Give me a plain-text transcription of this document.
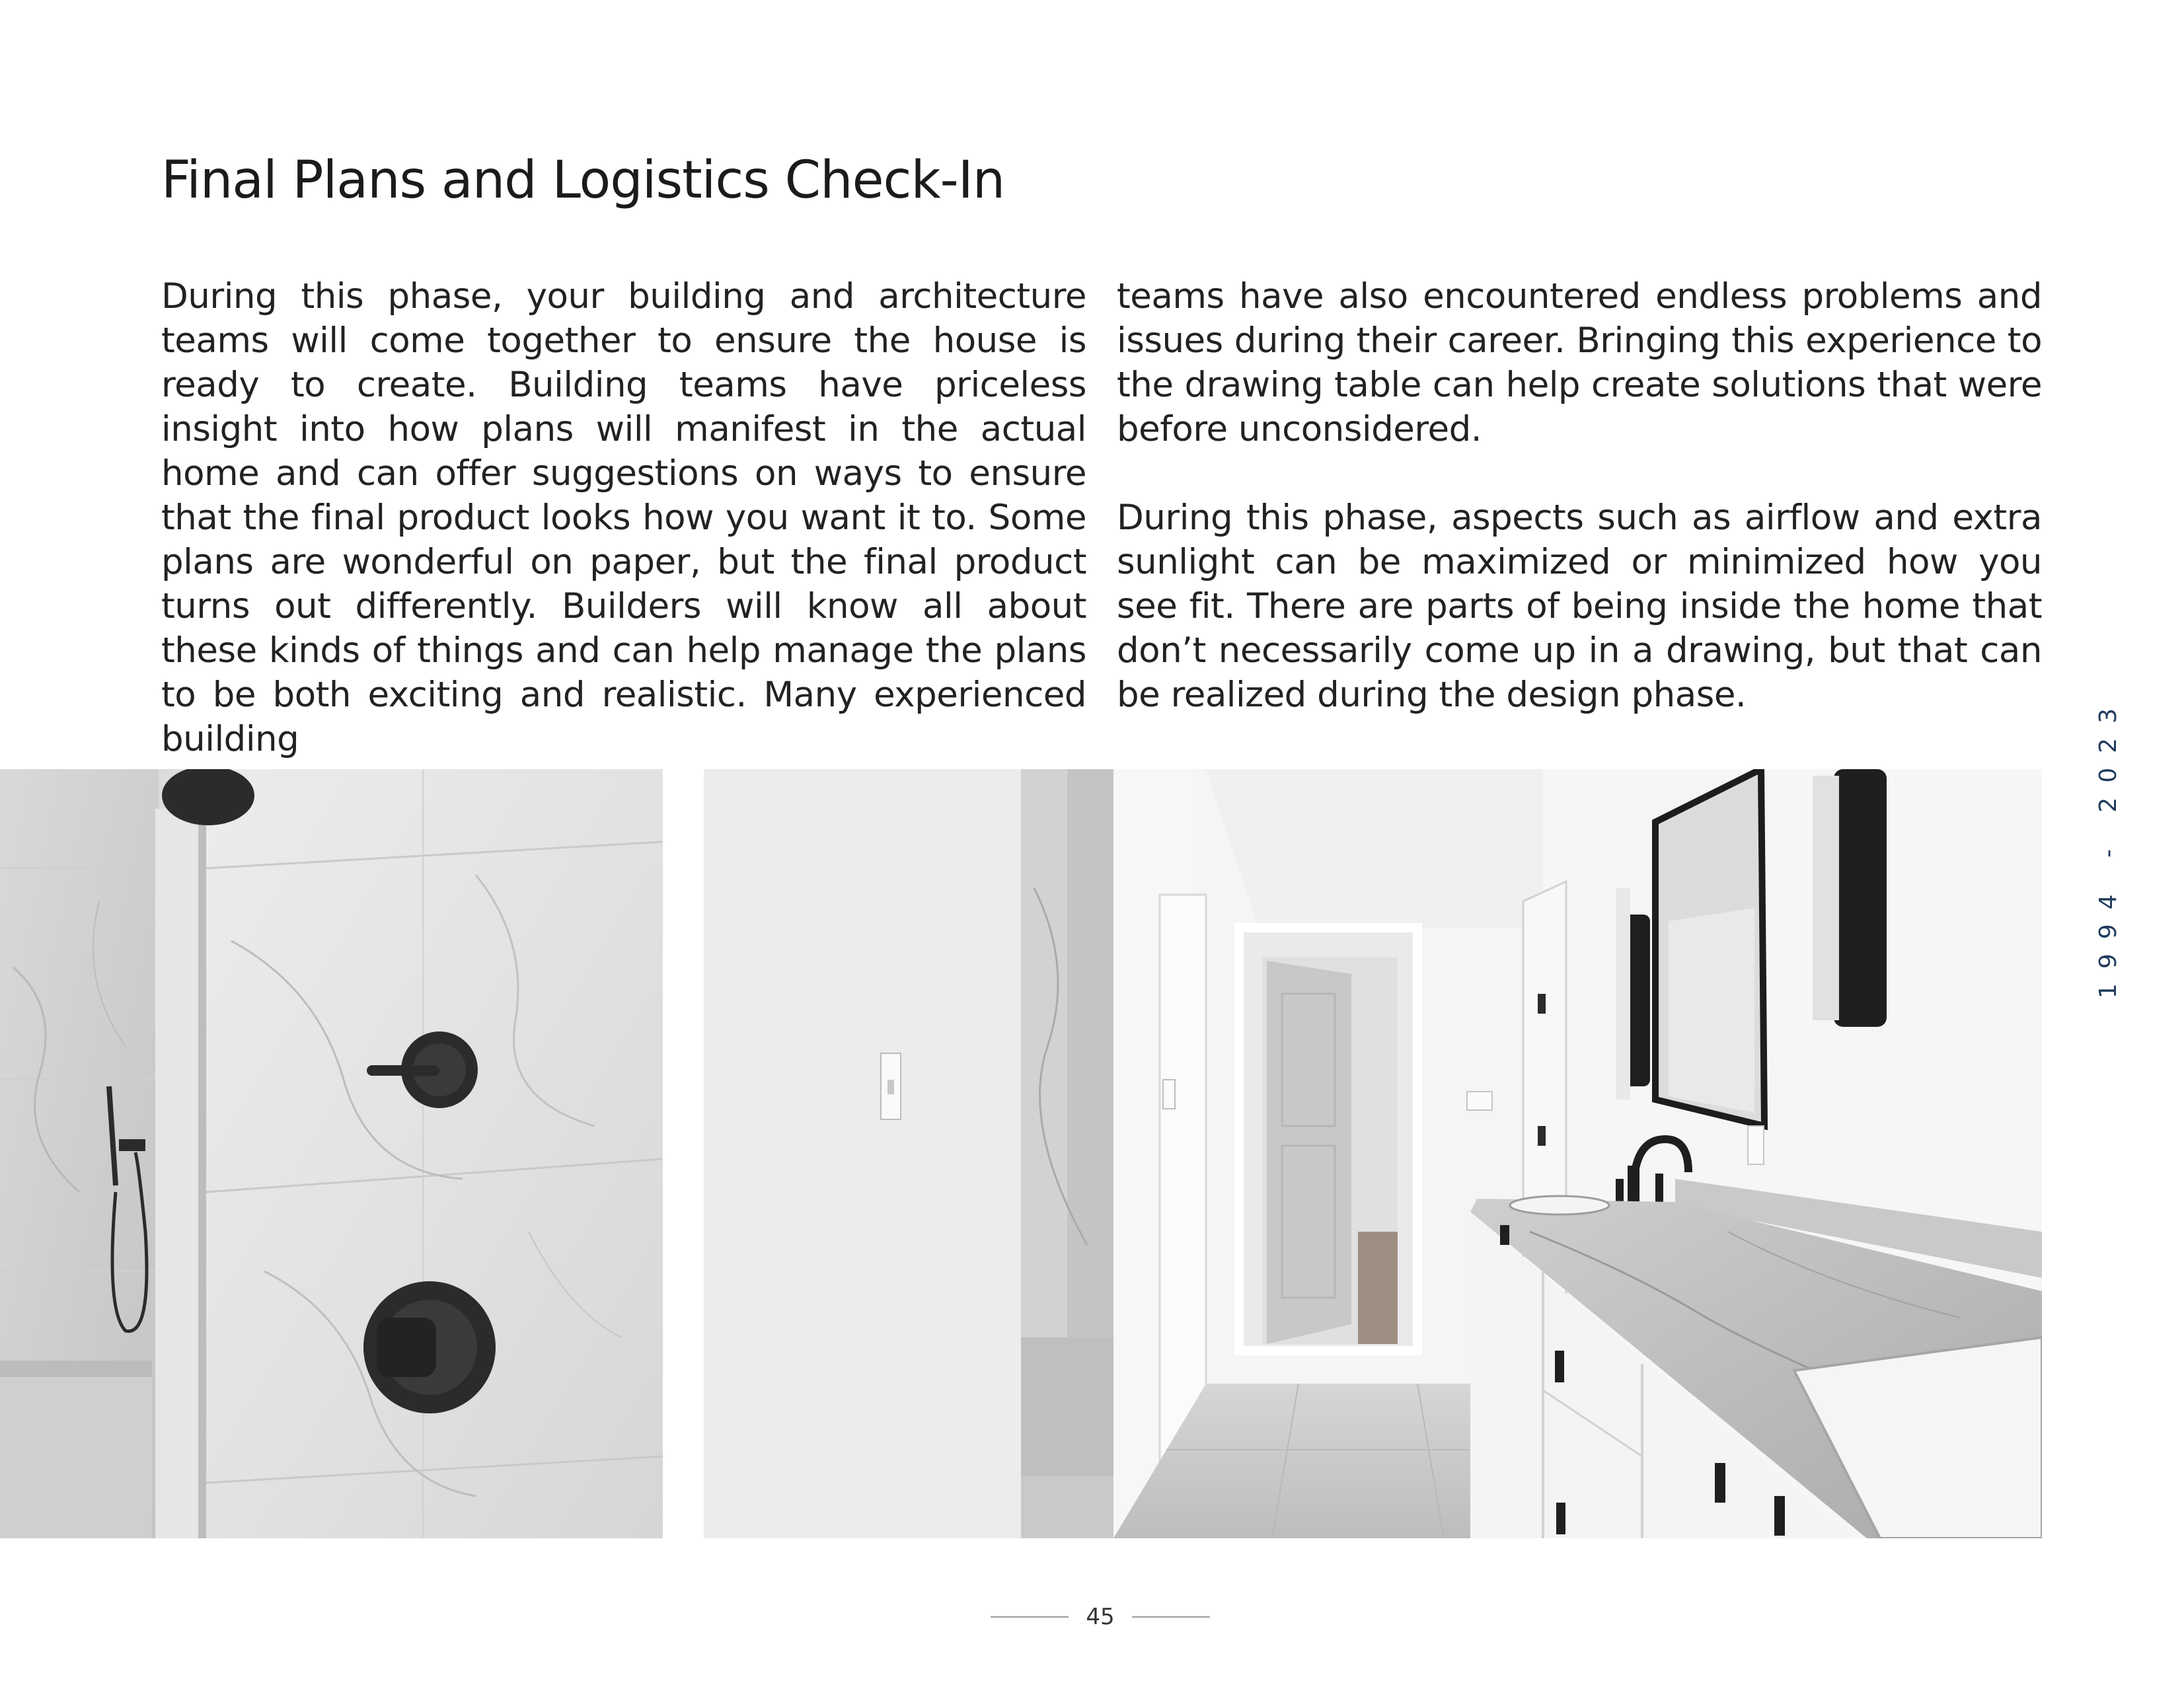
Final Plans and Logistics Check-In

During this phase, your building and architecture teams will come together to ensure the house is ready to create. Building teams have priceless insight into how plans will manifest in the actual home and can offer suggestions on ways to ensure that the final product looks how you want it to. Some plans are wonderful on paper, but the final product turns out differently. Builders will know all about these kinds of things and can help manage the plans to be both exciting and realistic. Many experienced building

teams have also encountered endless problems and issues during their career. Bringing this experience to the drawing table can help create solutions that were before unconsidered.

During this phase, aspects such as airflow and extra sunlight can be maximized or minimized how you see fit. There are parts of being inside the home that don’t necessarily come up in a drawing, but that can be realized during the design phase.	1994 - 2023
45
